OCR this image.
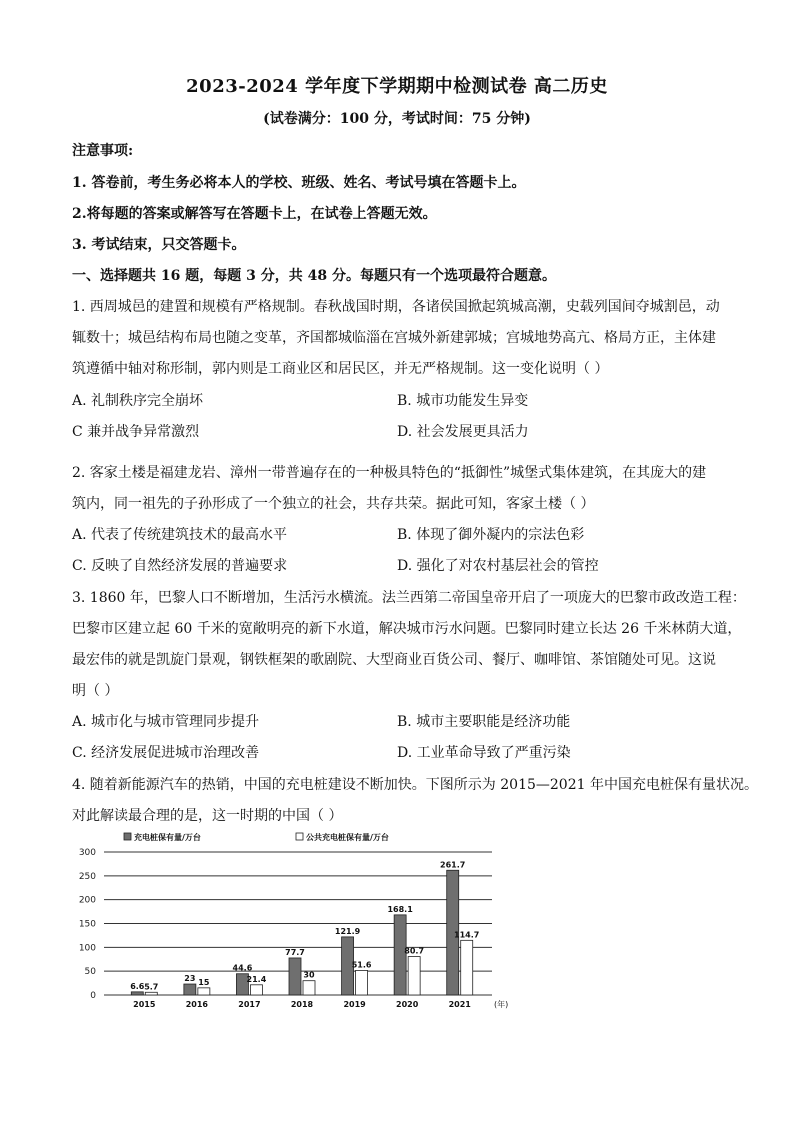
2023-2024 学年度下学期期中检测试卷 高二历史
(试卷满分：100 分，考试时间：75 分钟)
注意事项:
1. 答卷前，考生务必将本人的学校、班级、姓名、考试号填在答题卡上。
2.将每题的答案或解答写在答题卡上，在试卷上答题无效。
3. 考试结束，只交答题卡。
一、选择题共 16 题，每题 3 分，共 48 分。每题只有一个选项最符合题意。
1. 西周城邑的建置和规模有严格规制。春秋战国时期，各诸侯国掀起筑城高潮，史载列国间夺城割邑，动
辄数十；城邑结构布局也随之变革，齐国都城临淄在宫城外新建郭城；宫城地势高亢、格局方正，主体建
筑遵循中轴对称形制，郭内则是工商业区和居民区，并无严格规制。这一变化说明（ ）
A. 礼制秩序完全崩坏	B. 城市功能发生异变
C 兼并战争异常激烈	D. 社会发展更具活力
2. 客家土楼是福建龙岩、漳州一带普遍存在的一种极具特色的“抵御性”城堡式集体建筑，在其庞大的建
筑内，同一祖先的子孙形成了一个独立的社会，共存共荣。据此可知，客家土楼（ ）
A. 代表了传统建筑技术的最高水平	B. 体现了御外凝内的宗法色彩
C. 反映了自然经济发展的普遍要求	D. 强化了对农村基层社会的管控
3. 1860 年，巴黎人口不断增加，生活污水横流。法兰西第二帝国皇帝开启了一项庞大的巴黎市政改造工程：
巴黎市区建立起 60 千米的宽敞明亮的新下水道，解决城市污水问题。巴黎同时建立长达 26 千米林荫大道，
最宏伟的就是凯旋门景观，钢铁框架的歌剧院、大型商业百货公司、餐厅、咖啡馆、茶馆随处可见。这说
明（ ）
A. 城市化与城市管理同步提升	B. 城市主要职能是经济功能
C. 经济发展促进城市治理改善	D. 工业革命导致了严重污染
4. 随着新能源汽车的热销，中国的充电桩建设不断加快。下图所示为 2015—2021 年中国充电桩保有量状况。
对此解读最合理的是，这一时期的中国（ ）
0
50
100
150
200
250
300
6.6 5.7
2015
23 15
2016
44.6
21.4
2017
77.7
30
2018
121.9
51.6
2019
168.1
80.7
2020
261.7
114.7
2021	(年)
充电桩保有量/万台	公共充电桩保有量/万台
